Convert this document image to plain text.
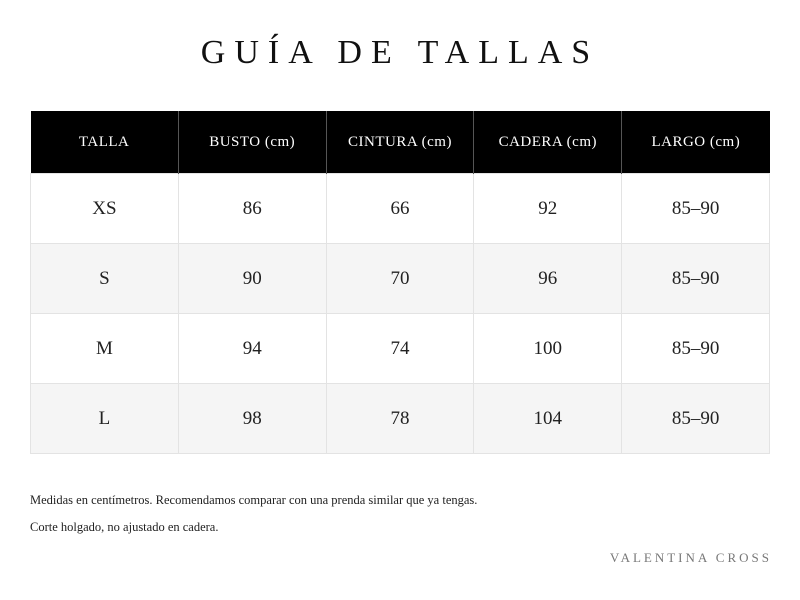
GUÍA DE TALLAS
TALLA	BUSTO (cm)	CINTURA (cm)	CADERA (cm)	LARGO (cm)
XS	86	66	92	85–90
S	90	70	96	85–90
M	94	74	100	85–90
L	98	78	104	85–90

Medidas en centímetros. Recomendamos comparar con una prenda similar que ya tengas.

Corte holgado, no ajustado en cadera.

VALENTINA CROSS
